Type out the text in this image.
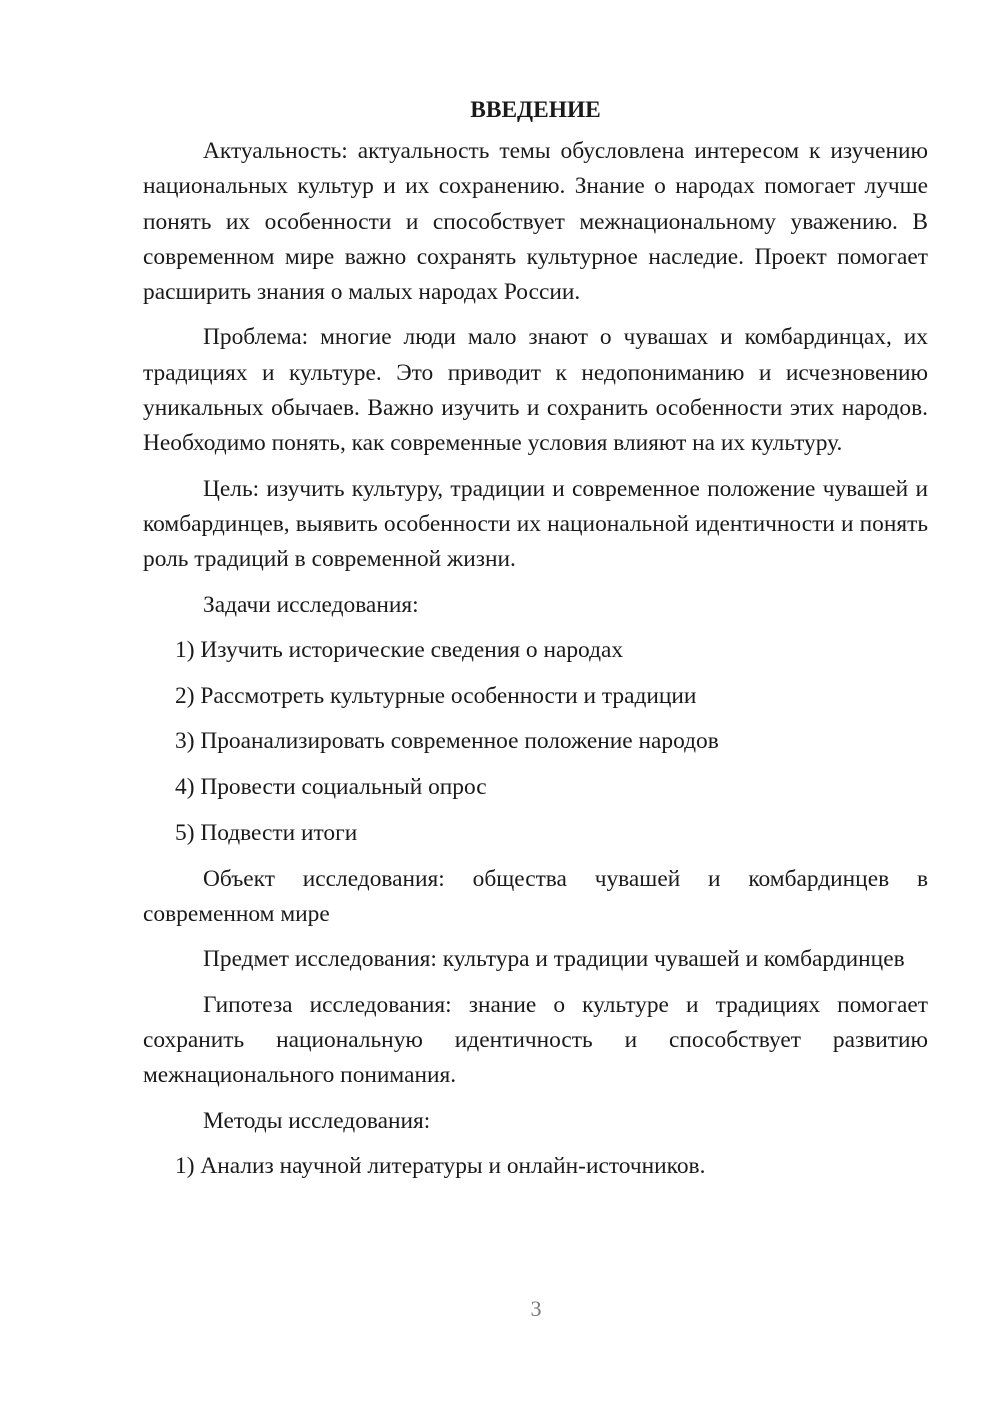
ВВЕДЕНИЕ

Актуальность: актуальность темы обусловлена интересом к изучению национальных культур и их сохранению. Знание о народах помогает лучше понять их особенности и способствует межнациональному уважению. В современном мире важно сохранять культурное наследие. Проект помогает расширить знания о малых народах России.

Проблема: многие люди мало знают о чувашах и комбардинцах, их традициях и культуре. Это приводит к недопониманию и исчезновению уникальных обычаев. Важно изучить и сохранить особенности этих народов. Необходимо понять, как современные условия влияют на их культуру.

Цель: изучить культуру, традиции и современное положение чувашей и комбардинцев, выявить особенности их национальной идентичности и понять роль традиций в современной жизни.

Задачи исследования:

1) Изучить исторические сведения о народах
2) Рассмотреть культурные особенности и традиции
3) Проанализировать современное положение народов
4) Провести социальный опрос
5) Подвести итоги

Объект исследования: общества чувашей и комбардинцев в современном мире

Предмет исследования: культура и традиции чувашей и комбардинцев

Гипотеза исследования: знание о культуре и традициях помогает сохранить национальную идентичность и способствует развитию межнационального понимания.

Методы исследования:

1) Анализ научной литературы и онлайн-источников.
3
